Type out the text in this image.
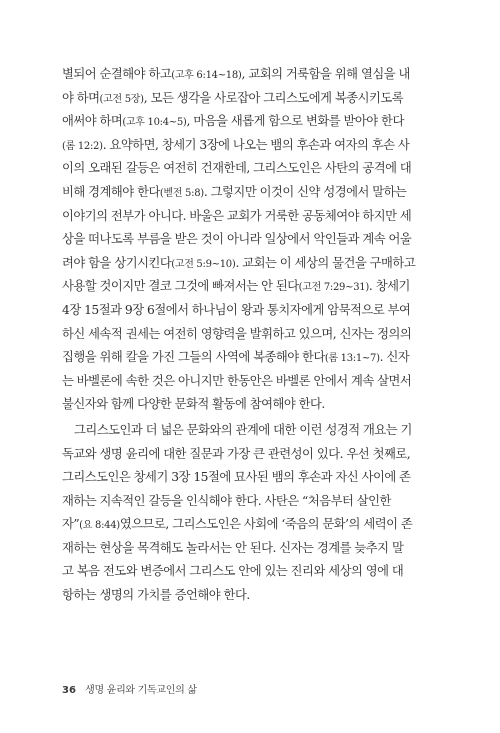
별되어 순결해야 하고(고후 6:14~18), 교회의 거룩함을 위해 열심을 내
야 하며(고전 5장), 모든 생각을 사로잡아 그리스도에게 복종시키도록
애써야 하며(고후 10:4~5), 마음을 새롭게 함으로 변화를 받아야 한다
(롬 12:2). 요약하면, 창세기 3장에 나오는 뱀의 후손과 여자의 후손 사
이의 오래된 갈등은 여전히 건재한데, 그리스도인은 사탄의 공격에 대
비해 경계해야 한다(벧전 5:8). 그렇지만 이것이 신약 성경에서 말하는
이야기의 전부가 아니다. 바울은 교회가 거룩한 공동체여야 하지만 세
상을 떠나도록 부름을 받은 것이 아니라 일상에서 악인들과 계속 어울
려야 함을 상기시킨다(고전 5:9~10). 교회는 이 세상의 물건을 구매하고
사용할 것이지만 결코 그것에 빠져서는 안 된다(고전 7:29~31). 창세기
4장 15절과 9장 6절에서 하나님이 왕과 통치자에게 암묵적으로 부여
하신 세속적 권세는 여전히 영향력을 발휘하고 있으며, 신자는 정의의
집행을 위해 칼을 가진 그들의 사역에 복종해야 한다(롬 13:1~7). 신자
는 바벨론에 속한 것은 아니지만 한동안은 바벨론 안에서 계속 살면서
불신자와 함께 다양한 문화적 활동에 참여해야 한다.
그리스도인과 더 넓은 문화와의 관계에 대한 이런 성경적 개요는 기
독교와 생명 윤리에 대한 질문과 가장 큰 관련성이 있다. 우선 첫째로,
그리스도인은 창세기 3장 15절에 묘사된 뱀의 후손과 자신 사이에 존
재하는 지속적인 갈등을 인식해야 한다. 사탄은 “처음부터 살인한
자”(요 8:44)였으므로, 그리스도인은 사회에 ‘죽음의 문화’의 세력이 존
재하는 현상을 목격해도 놀라서는 안 된다. 신자는 경계를 늦추지 말
고 복음 전도와 변증에서 그리스도 안에 있는 진리와 세상의 영에 대
항하는 생명의 가치를 증언해야 한다.
36 생명 윤리와 기독교인의 삶
